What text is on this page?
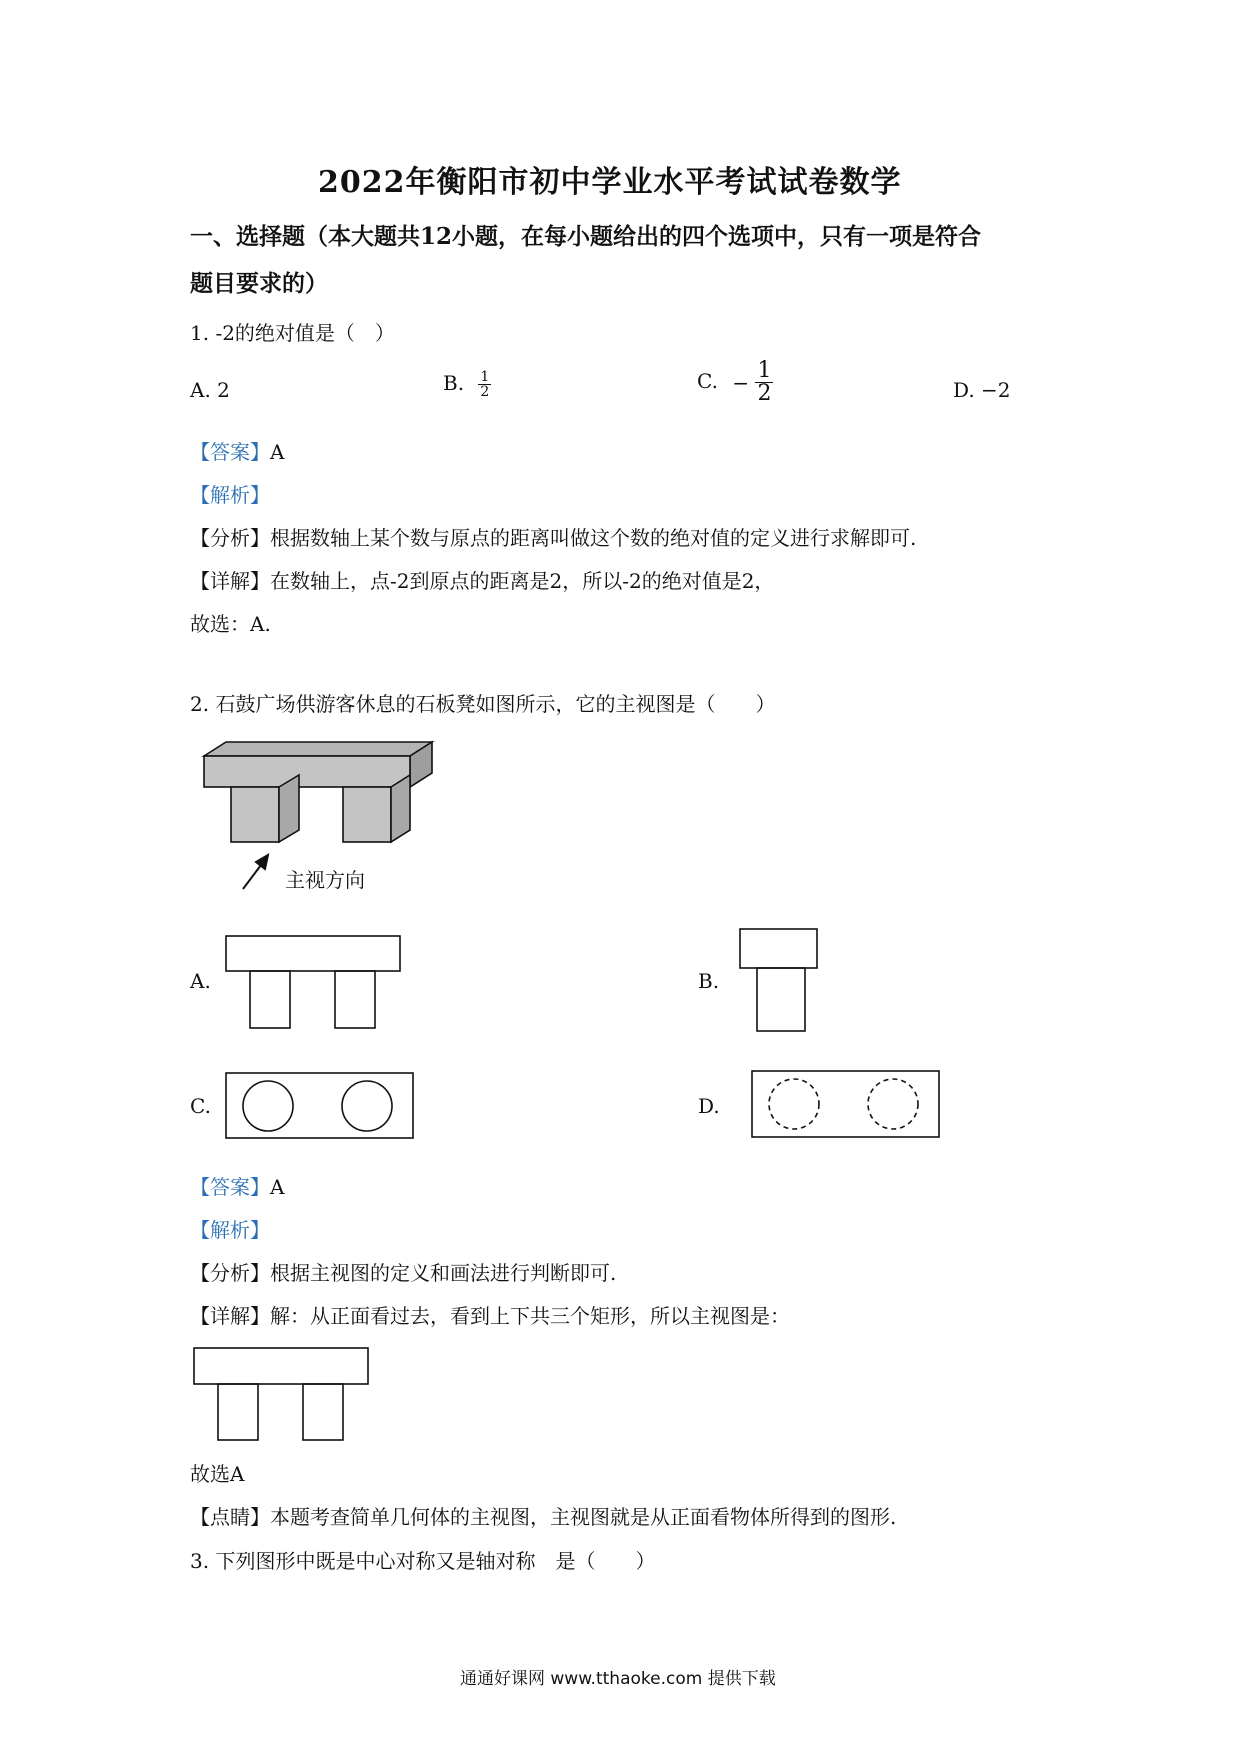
2022年衡阳市初中学业水平考试试卷数学
一、选择题（本大题共12小题，在每小题给出的四个选项中，只有一项是符合
题目要求的）
1. -2的绝对值是（　）
A. 2	B. $\frac{1}{2}$	C. − $\frac{1}{2}$	D. −2
【答案】A
【解析】
【分析】根据数轴上某个数与原点的距离叫做这个数的绝对值的定义进行求解即可.
【详解】在数轴上，点-2到原点的距离是2，所以-2的绝对值是2，
故选：A.
2. 石鼓广场供游客休息的石板凳如图所示，它的主视图是（　　）
主视方向
A.	B.
C.	D.
【答案】A
【解析】
【分析】根据主视图的定义和画法进行判断即可.
【详解】解：从正面看过去，看到上下共三个矩形，所以主视图是：
故选A
【点睛】本题考查简单几何体的主视图，主视图就是从正面看物体所得到的图形.
3. 下列图形中既是中心对称又是轴对称　是（　　）
通通好课网 www.tthaoke.com 提供下载
